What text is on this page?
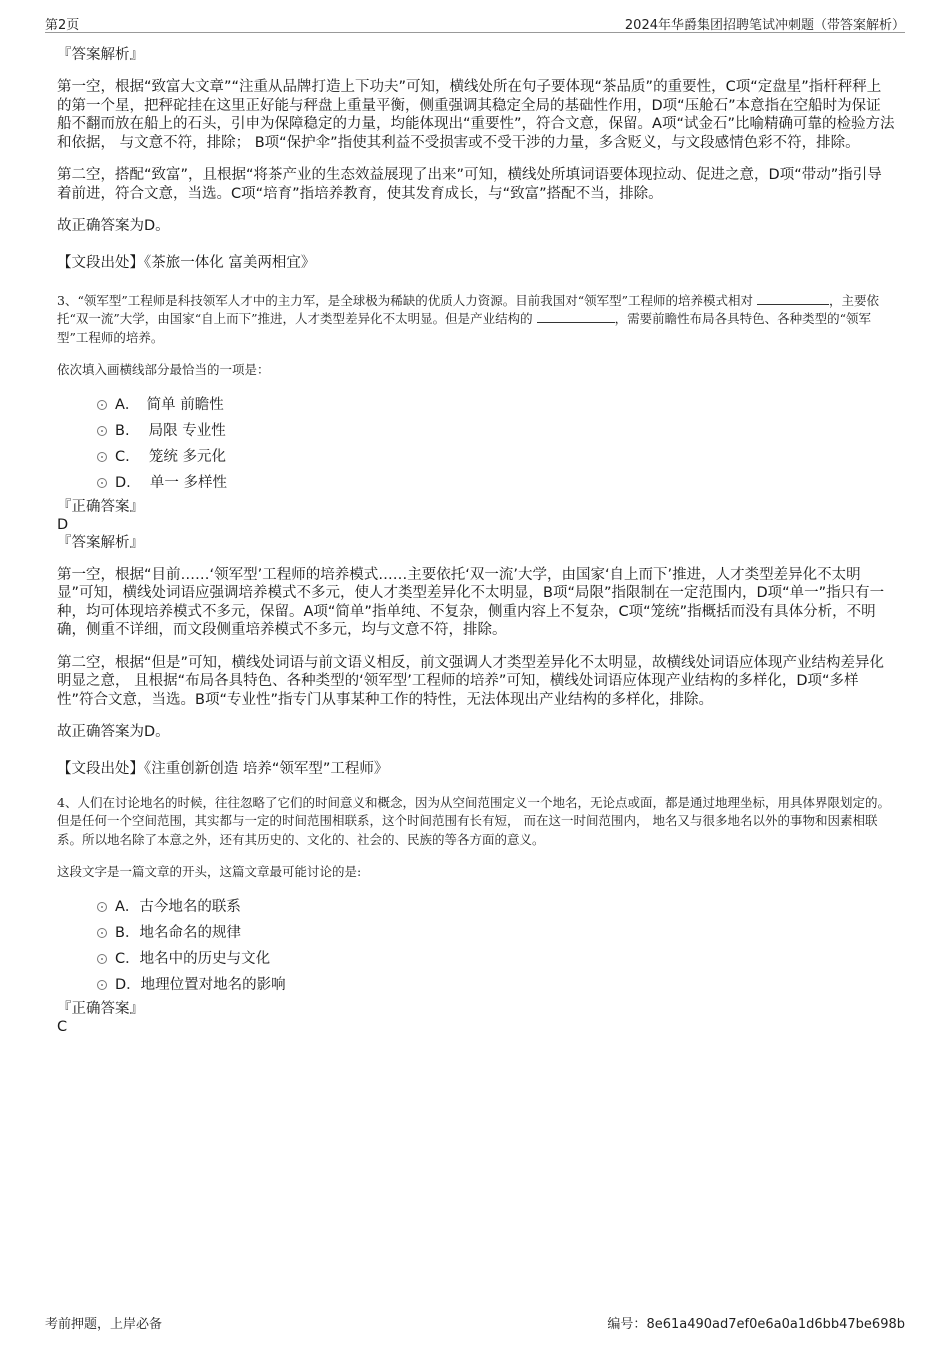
第2页	2024年华爵集团招聘笔试冲刺题（带答案解析）

『答案解析』

第一空，根据“致富大文章”“注重从品牌打造上下功夫”可知，横线处所在句子要体现“茶品质”的重要性，C项“定盘星”指杆秤秤上的第一个星，把秤砣挂在这里正好能与秤盘上重量平衡，侧重强调其稳定全局的基础性作用，D项“压舱石”本意指在空船时为保证船不翻而放在船上的石头，引申为保障稳定的力量，均能体现出“重要性”，符合文意，保留。A项“试金石”比喻精确可靠的检验方法和依据， 与文意不符，排除； B项“保护伞”指使其利益不受损害或不受干涉的力量，多含贬义，与文段感情色彩不符，排除。

第二空，搭配“致富”，且根据“将茶产业的生态效益展现了出来”可知，横线处所填词语要体现拉动、促进之意，D项“带动”指引导着前进，符合文意，当选。C项“培育”指培养教育，使其发育成长，与“致富”搭配不当，排除。

故正确答案为D。

【文段出处】《茶旅一体化 富美两相宜》

3、“领军型”工程师是科技领军人才中的主力军，是全球极为稀缺的优质人力资源。目前我国对“领军型”工程师的培养模式相对	，主要依托“双一流”大学，由国家“自上而下”推进，人才类型差异化不太明显。但是产业结构的	，需要前瞻性布局各具特色、各种类型的“领军型”工程师的培养。

依次填入画横线部分最恰当的一项是：

A．　简单 前瞻性
B.　 局限 专业性
C.　 笼统 多元化
D.　 单一 多样性

『正确答案』

D

『答案解析』

第一空，根据“目前……‘领军型’工程师的培养模式……主要依托‘双一流’大学，由国家‘自上而下’推进，人才类型差异化不太明显”可知，横线处词语应强调培养模式不多元，使人才类型差异化不太明显，B项“局限”指限制在一定范围内，D项“单一”指只有一种，均可体现培养模式不多元，保留。A项“简单”指单纯、不复杂，侧重内容上不复杂，C项“笼统”指概括而没有具体分析，不明确，侧重不详细，而文段侧重培养模式不多元，均与文意不符，排除。

第二空，根据“但是”可知，横线处词语与前文语义相反，前文强调人才类型差异化不太明显，故横线处词语应体现产业结构差异化明显之意， 且根据“布局各具特色、各种类型的‘领军型’工程师的培养”可知，横线处词语应体现产业结构的多样化，D项“多样性”符合文意，当选。B项“专业性”指专门从事某种工作的特性，无法体现出产业结构的多样化，排除。

故正确答案为D。

【文段出处】《注重创新创造 培养“领军型”工程师》

4、人们在讨论地名的时候，往往忽略了它们的时间意义和概念，因为从空间范围定义一个地名，无论点或面，都是通过地理坐标，用具体界限划定的。但是任何一个空间范围，其实都与一定的时间范围相联系，这个时间范围有长有短， 而在这一时间范围内， 地名又与很多地名以外的事物和因素相联系。所以地名除了本意之外，还有其历史的、文化的、社会的、民族的等各方面的意义。

这段文字是一篇文章的开头，这篇文章最可能讨论的是:

A．古今地名的联系
B．地名命名的规律
C．地名中的历史与文化
D．地理位置对地名的影响

『正确答案』

C

考前押题，上岸必备	编号：8e61a490ad7ef0e6a0a1d6bb47be698b
